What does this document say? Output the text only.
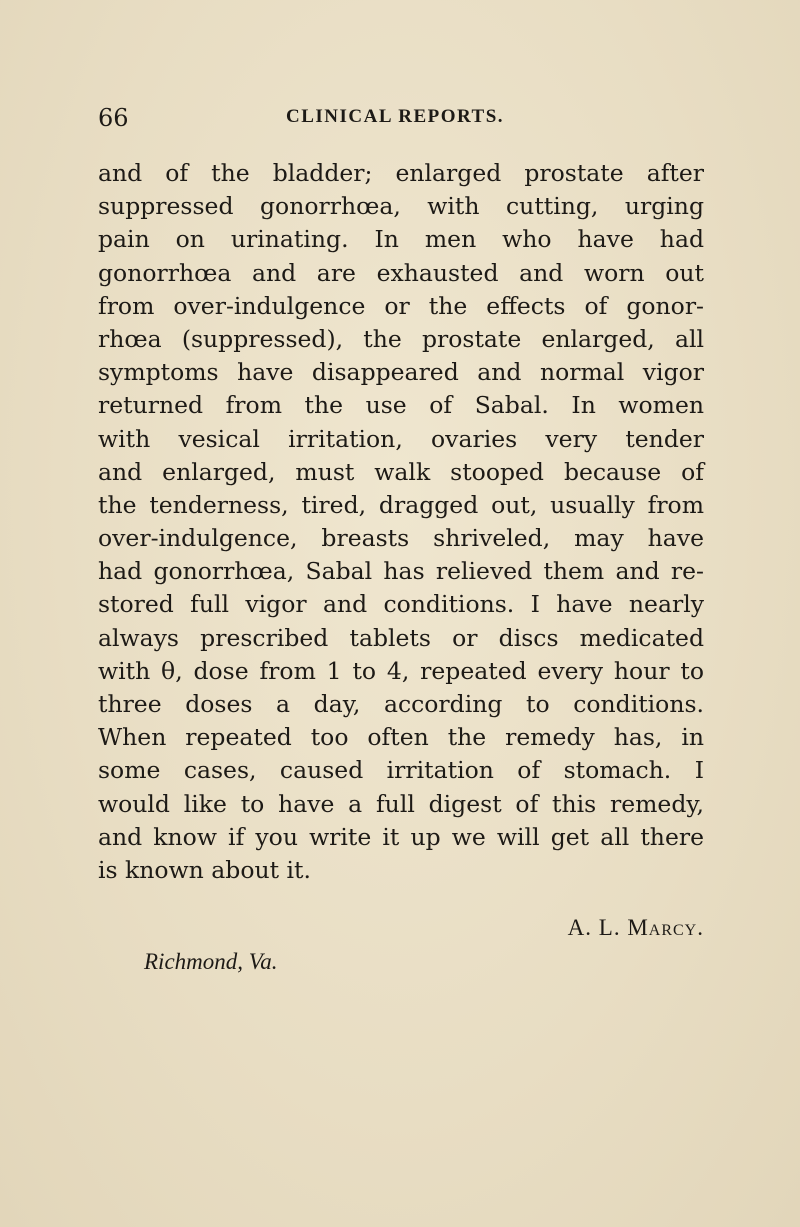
66	CLINICAL REPORTS.
and of the bladder; enlarged prostate after
suppressed gonorrhœa, with cutting, urging
pain on urinating. In men who have had
gonorrhœa and are exhausted and worn out
from over-indulgence or the effects of gonor-
rhœa (suppressed), the prostate enlarged, all
symptoms have disappeared and normal vigor
returned from the use of Sabal. In women
with vesical irritation, ovaries very tender
and enlarged, must walk stooped because of
the tenderness, tired, dragged out, usually from
over-indulgence, breasts shriveled, may have
had gonorrhœa, Sabal has relieved them and re-
stored full vigor and conditions. I have nearly
always prescribed tablets or discs medicated
with θ, dose from 1 to 4, repeated every hour to
three doses a day, according to conditions.
When repeated too often the remedy has, in
some cases, caused irritation of stomach. I
would like to have a full digest of this remedy,
and know if you write it up we will get all there
is known about it.
A. L. Marcy.
Richmond, Va.
